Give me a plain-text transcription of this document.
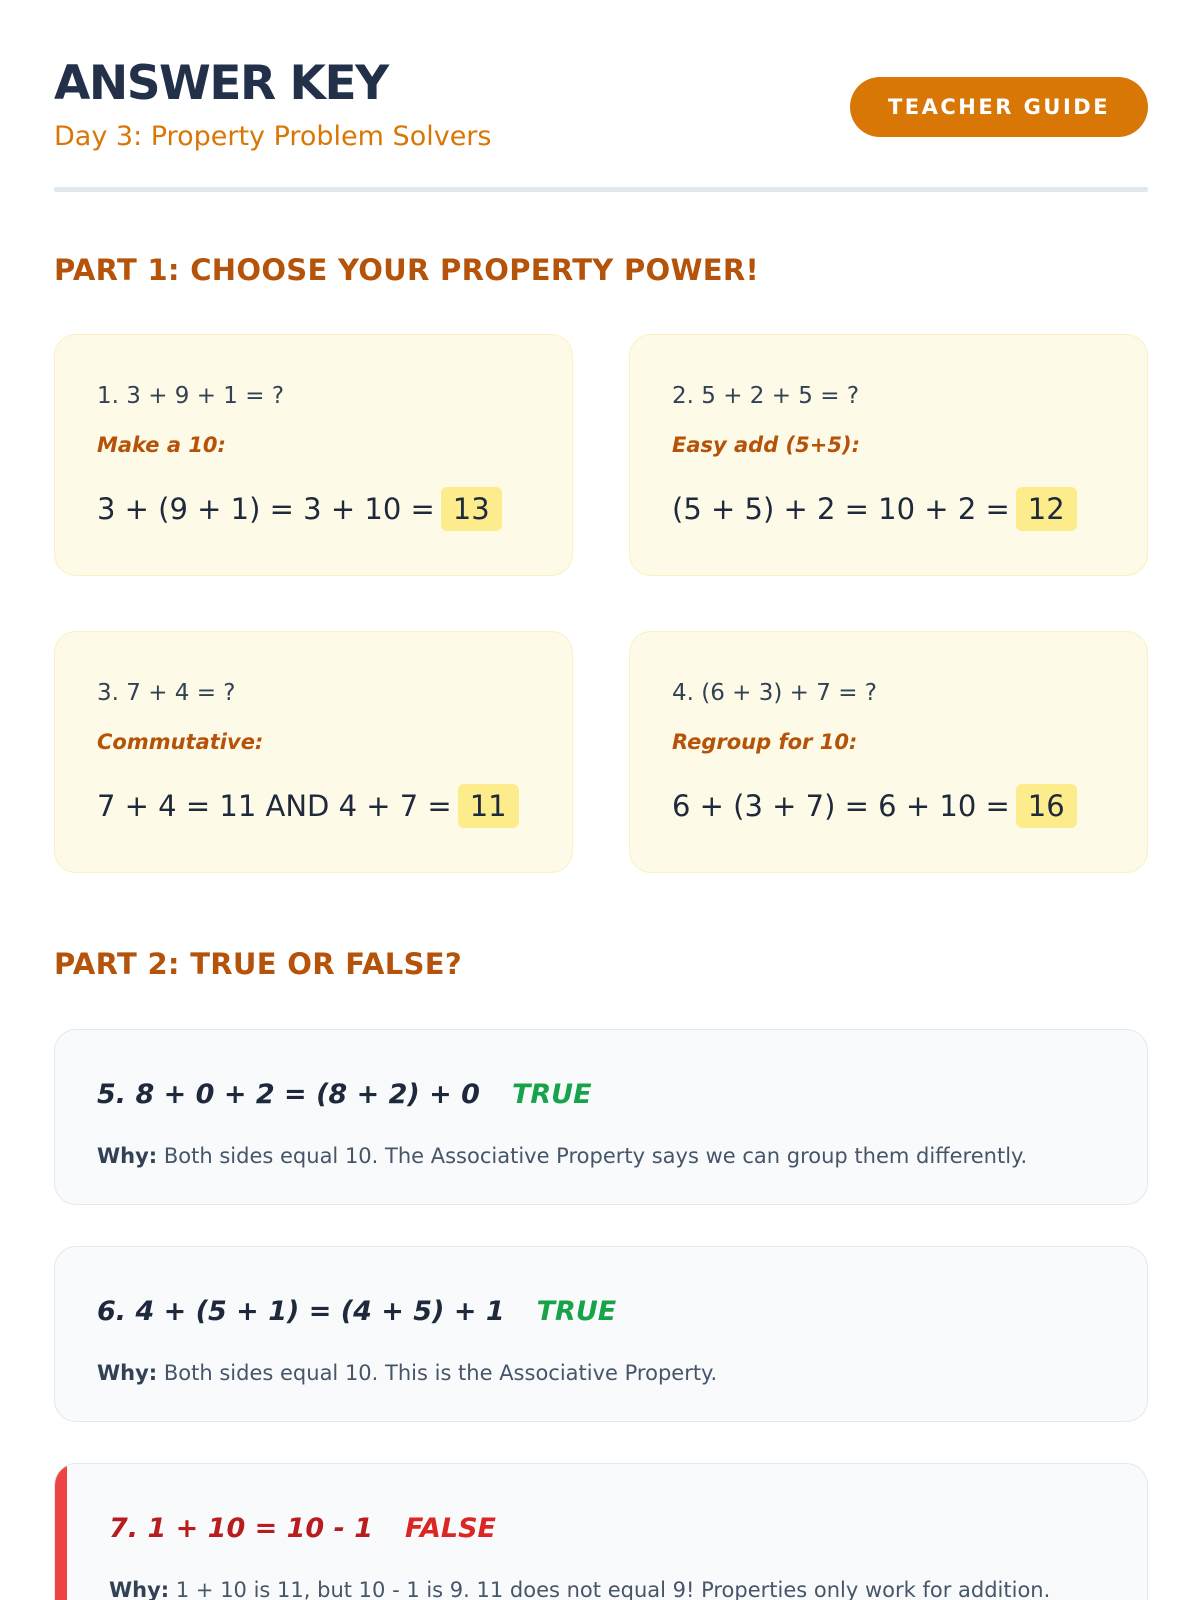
ANSWER KEY
Day 3: Property Problem Solvers
TEACHER GUIDE
PART 1: CHOOSE YOUR PROPERTY POWER!
1. 3 + 9 + 1 = ?
Make a 10:
3 + (9 + 1) = 3 + 10 = 13
2. 5 + 2 + 5 = ?
Easy add (5+5):
(5 + 5) + 2 = 10 + 2 = 12
3. 7 + 4 = ?
Commutative:
7 + 4 = 11 AND 4 + 7 = 11
4. (6 + 3) + 7 = ?
Regroup for 10:
6 + (3 + 7) = 6 + 10 = 16
PART 2: TRUE OR FALSE?
5. 8 + 0 + 2 = (8 + 2) + 0 TRUE
Why: Both sides equal 10. The Associative Property says we can group them differently.
6. 4 + (5 + 1) = (4 + 5) + 1 TRUE
Why: Both sides equal 10. This is the Associative Property.
7. 1 + 10 = 10 - 1 FALSE
Why: 1 + 10 is 11, but 10 - 1 is 9. 11 does not equal 9! Properties only work for addition.
